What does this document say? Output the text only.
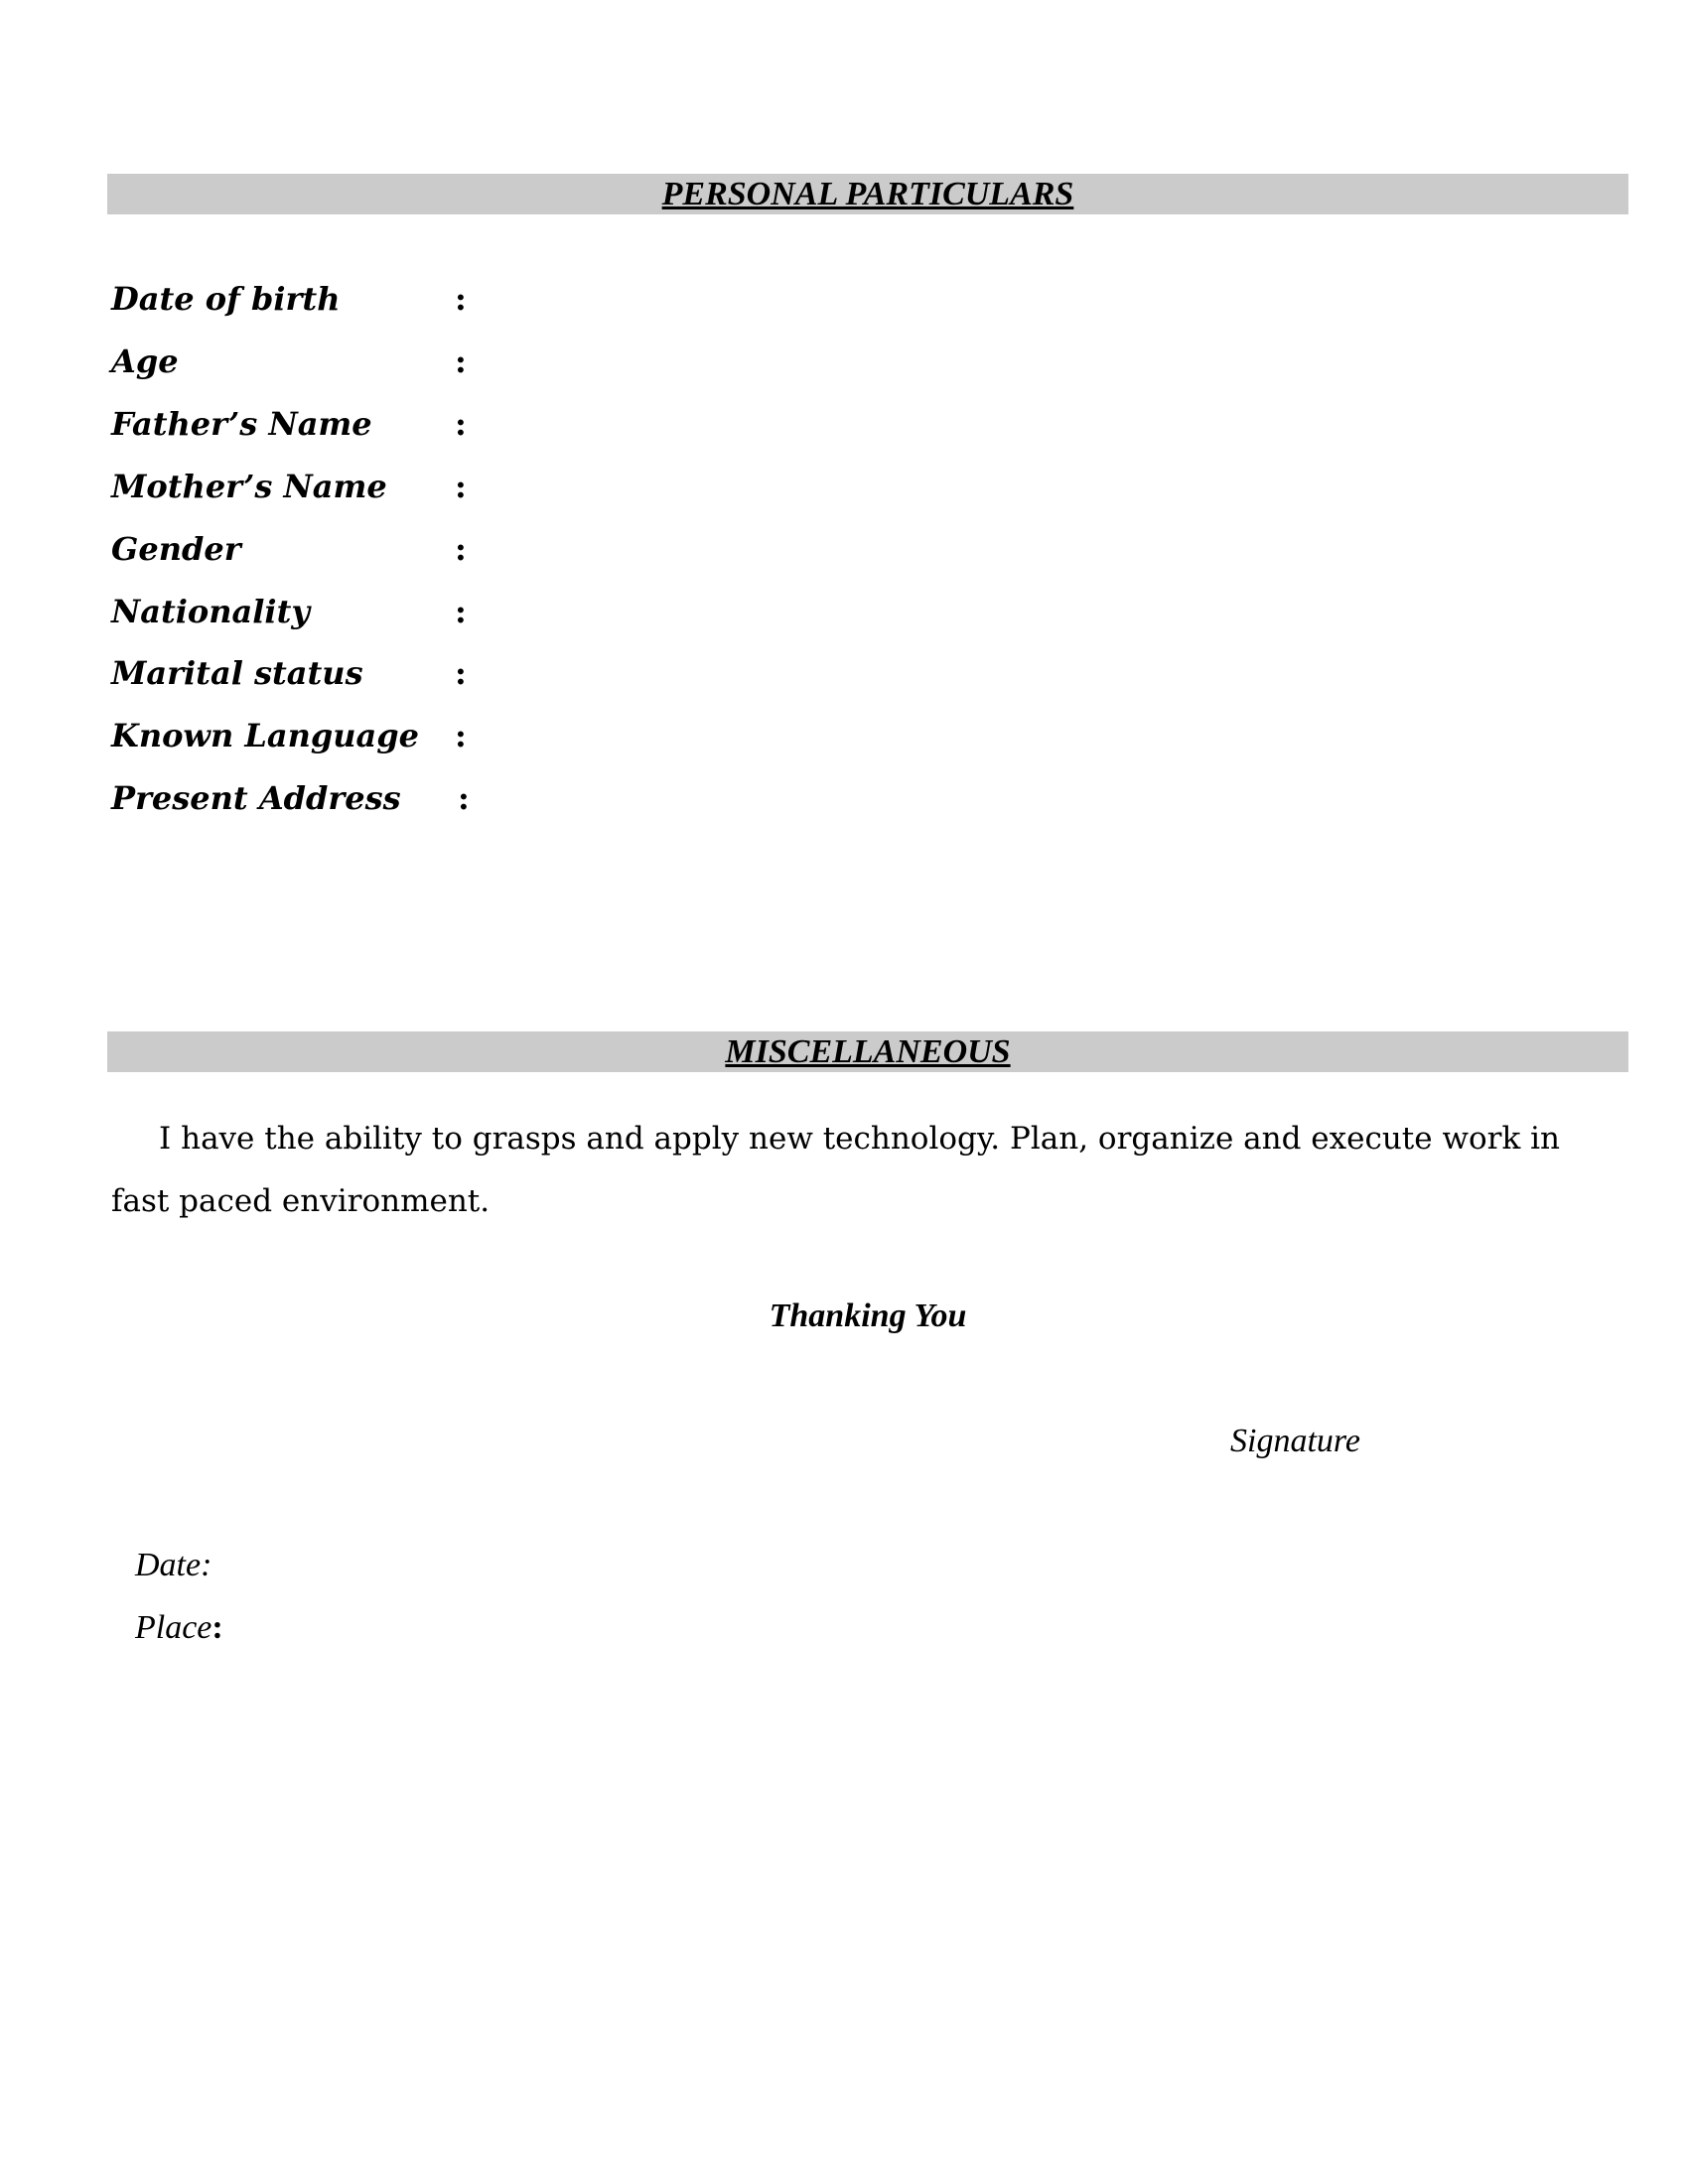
PERSONAL PARTICULARS
Date of birth	:
Age	:
Father’s Name	:
Mother’s Name :
Gender	:
Nationality	:
Marital status	:
Known Language :
Present Address :
MISCELLANEOUS
I have the ability to grasps and apply new technology. Plan, organize and execute work in fast paced environment.
Thanking You
Signature
Date:
Place:
